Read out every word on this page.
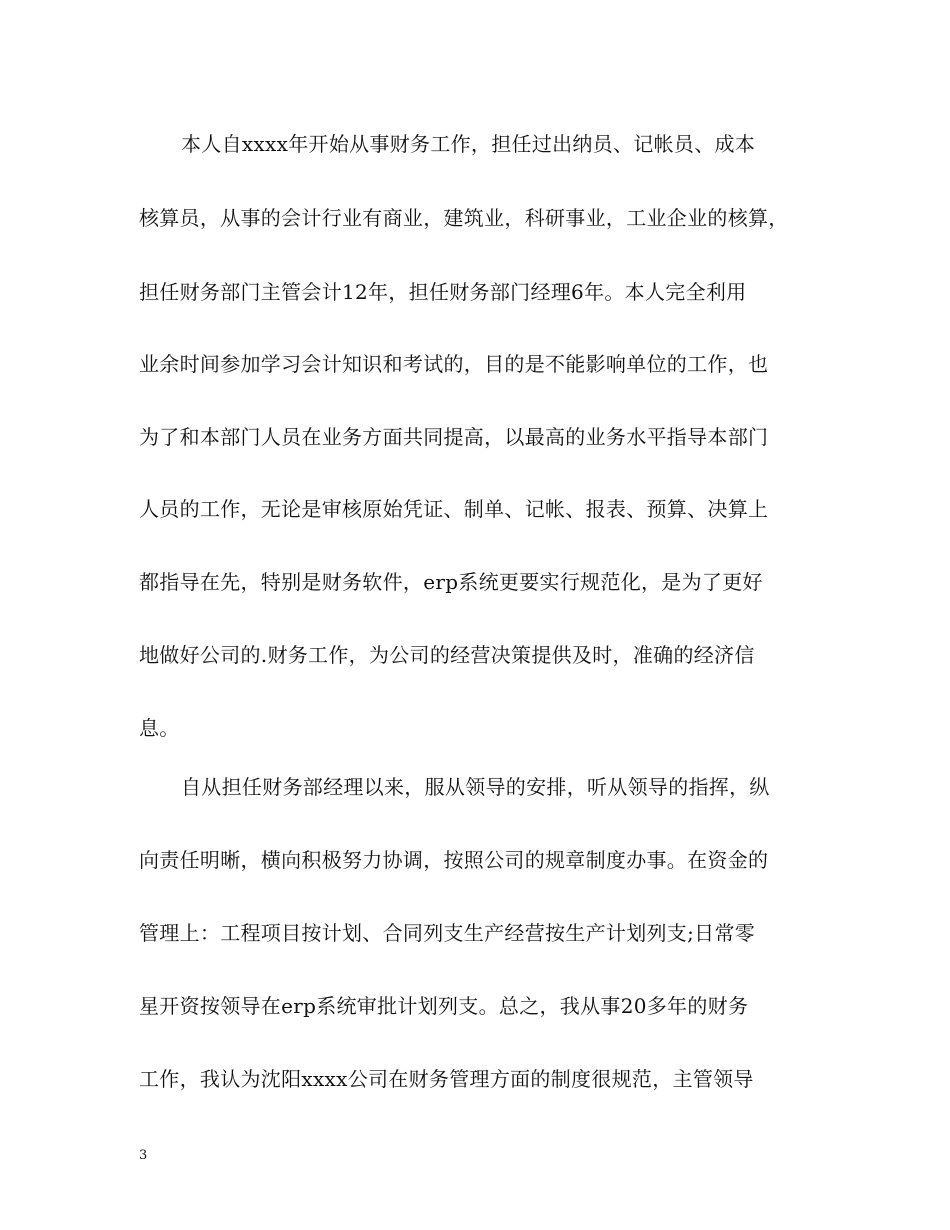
本人自xxxx年开始从事财务工作，担任过出纳员、记帐员、成本
核算员，从事的会计行业有商业，建筑业，科研事业，工业企业的核算，
担任财务部门主管会计12年，担任财务部门经理6年。本人完全利用
业余时间参加学习会计知识和考试的，目的是不能影响单位的工作，也
为了和本部门人员在业务方面共同提高，以最高的业务水平指导本部门
人员的工作，无论是审核原始凭证、制单、记帐、报表、预算、决算上
都指导在先，特别是财务软件，erp系统更要实行规范化，是为了更好
地做好公司的.财务工作，为公司的经营决策提供及时，准确的经济信
息。
自从担任财务部经理以来，服从领导的安排，听从领导的指挥，纵
向责任明晰，横向积极努力协调，按照公司的规章制度办事。在资金的
管理上：工程项目按计划、合同列支生产经营按生产计划列支;日常零
星开资按领导在erp系统审批计划列支。总之，我从事20多年的财务
工作，我认为沈阳xxxx公司在财务管理方面的制度很规范，主管领导
3
